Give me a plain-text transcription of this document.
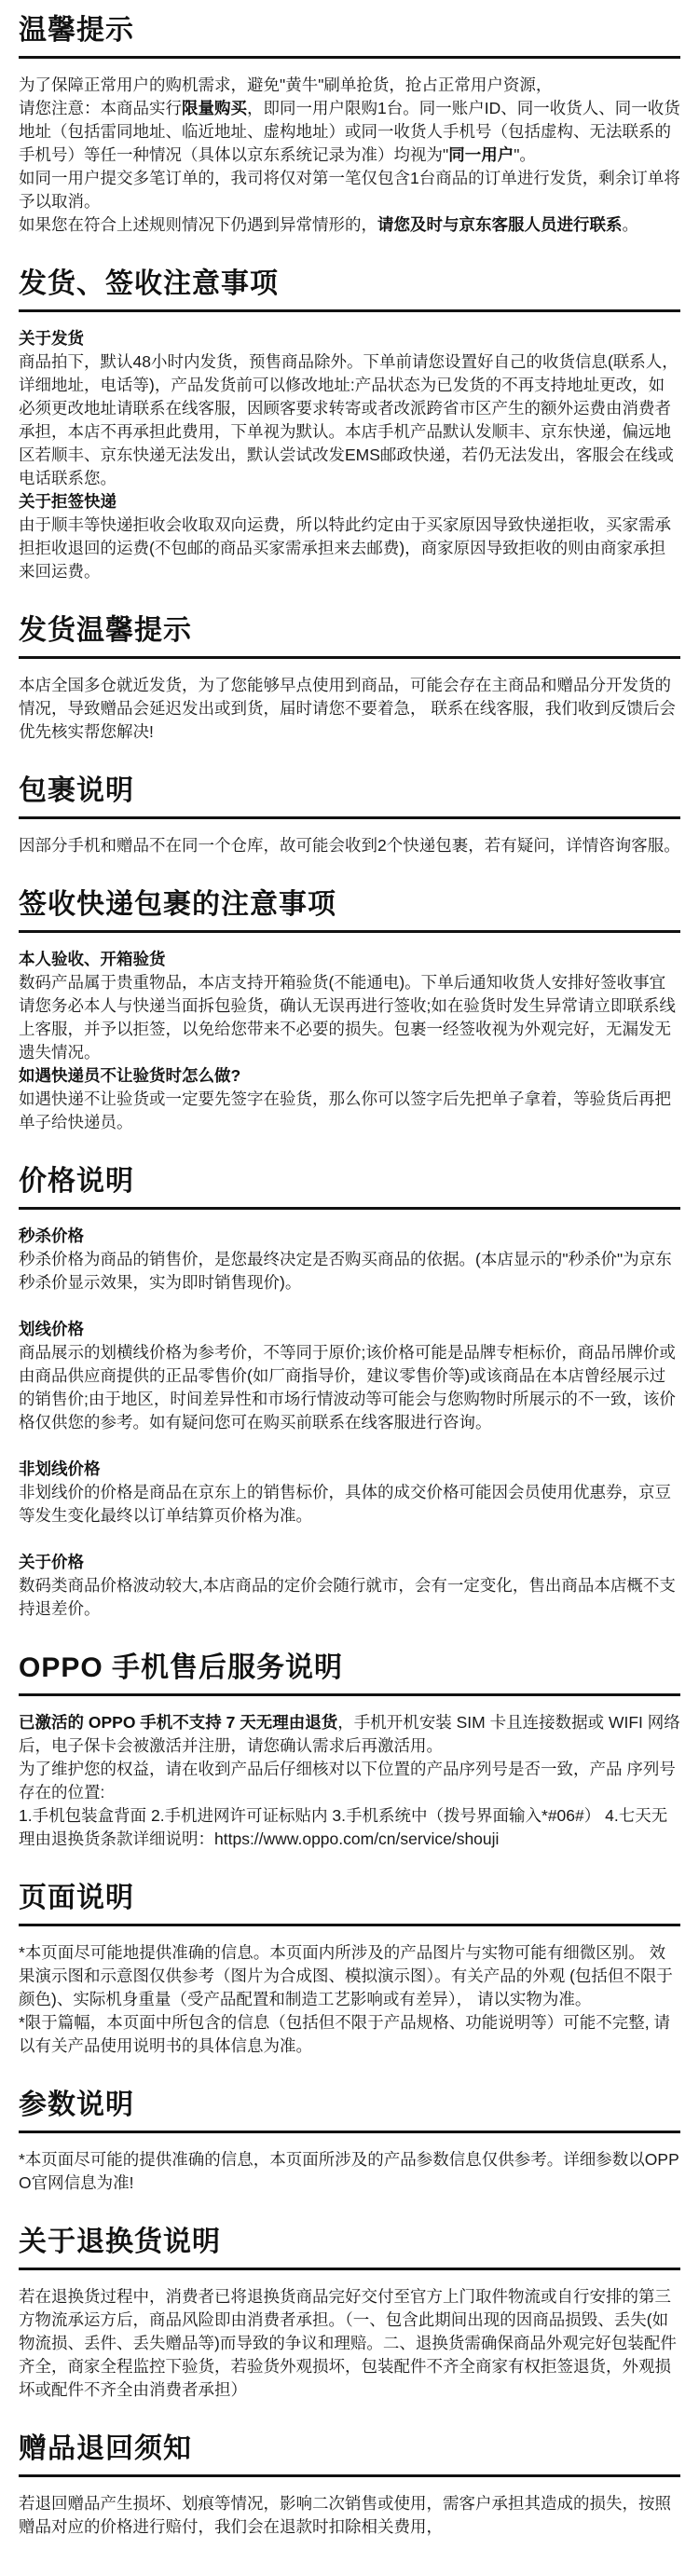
温馨提示

为了保障正常用户的购机需求，避免"黄牛"刷单抢货，抢占正常用户资源，

请您注意：本商品实行限量购买，即同一用户限购1台。同一账户ID、同一收货人、同一收货地址（包括雷同地址、临近地址、虚构地址）或同一收货人手机号（包括虚构、无法联系的手机号）等任一种情况（具体以京东系统记录为准）均视为"同一用户"。

如同一用户提交多笔订单的，我司将仅对第一笔仅包含1台商品的订单进行发货，剩余订单将予以取消。

如果您在符合上述规则情况下仍遇到异常情形的，请您及时与京东客服人员进行联系。

发货、签收注意事项

关于发货

商品拍下，默认48小时内发货，预售商品除外。下单前请您设置好自己的收货信息(联系人，详细地址，电话等)，产品发货前可以修改地址:产品状态为已发货的不再支持地址更改，如必须更改地址请联系在线客服，因顾客要求转寄或者改派跨省市区产生的额外运费由消费者承担，本店不再承担此费用，下单视为默认。本店手机产品默认发顺丰、京东快递，偏远地区若顺丰、京东快递无法发出，默认尝试改发EMS邮政快递，若仍无法发出，客服会在线或电话联系您。

关于拒签快递

由于顺丰等快递拒收会收取双向运费，所以特此约定由于买家原因导致快递拒收，买家需承担拒收退回的运费(不包邮的商品买家需承担来去邮费)，商家原因导致拒收的则由商家承担来回运费。

发货温馨提示

本店全国多仓就近发货，为了您能够早点使用到商品，可能会存在主商品和赠品分开发货的情况，导致赠品会延迟发出或到货，届时请您不要着急， 联系在线客服，我们收到反馈后会优先核实帮您解决!

包裹说明

因部分手机和赠品不在同一个仓库，故可能会收到2个快递包裹，若有疑问，详情咨询客服。

签收快递包裹的注意事项

本人验收、开箱验货

数码产品属于贵重物品，本店支持开箱验货(不能通电)。下单后通知收货人安排好签收事宜请您务必本人与快递当面拆包验货，确认无误再进行签收;如在验货时发生异常请立即联系线上客服，并予以拒签，以免给您带来不必要的损失。包裹一经签收视为外观完好，无漏发无遗失情况。

如遇快递员不让验货时怎么做?

如遇快递不让验货或一定要先签字在验货，那么你可以签字后先把单子拿着，等验货后再把单子给快递员。

价格说明

秒杀价格

秒杀价格为商品的销售价，是您最终决定是否购买商品的依据。(本店显示的"秒杀价"为京东秒杀价显示效果，实为即时销售现价)。

划线价格

商品展示的划横线价格为参考价，不等同于原价;该价格可能是品牌专柜标价，商品吊牌价或由商品供应商提供的正品零售价(如厂商指导价，建议零售价等)或该商品在本店曾经展示过的销售价;由于地区，时间差异性和市场行情波动等可能会与您购物时所展示的不一致，该价格仅供您的参考。如有疑问您可在购买前联系在线客服进行咨询。

非划线价格

非划线价的价格是商品在京东上的销售标价，具体的成交价格可能因会员使用优惠券，京豆等发生变化最终以订单结算页价格为准。

关于价格

数码类商品价格波动较大,本店商品的定价会随行就市，会有一定变化，售出商品本店概不支持退差价。

OPPO 手机售后服务说明

已激活的 OPPO 手机不支持 7 天无理由退货，手机开机安装 SIM 卡且连接数据或 WIFI 网络后，电子保卡会被激活并注册，请您确认需求后再激活用。

为了维护您的权益，请在收到产品后仔细核对以下位置的产品序列号是否一致，产品 序列号存在的位置:

1.手机包装盒背面 2.手机进网许可证标贴内 3.手机系统中（拨号界面输入*#06#） 4.七天无理由退换货条款详细说明：https://www.oppo.com/cn/service/shouji

页面说明

*本页面尽可能地提供准确的信息。本页面内所涉及的产品图片与实物可能有细微区别。 效果演示图和示意图仅供参考（图片为合成图、模拟演示图）。有关产品的外观 (包括但不限于颜色)、实际机身重量（受产品配置和制造工艺影响或有差异）， 请以实物为准。

*限于篇幅，本页面中所包含的信息（包括但不限于产品规格、功能说明等）可能不完整, 请以有关产品使用说明书的具体信息为准。

参数说明

*本页面尽可能的提供准确的信息，本页面所涉及的产品参数信息仅供参考。详细参数以OPPO官网信息为准!

关于退换货说明

若在退换货过程中，消费者已将退换货商品完好交付至官方上门取件物流或自行安排的第三方物流承运方后，商品风险即由消费者承担。（一、包含此期间出现的因商品损毁、丢失(如物流损、丢件、丢失赠品等)而导致的争议和理赔。二、退换货需确保商品外观完好包装配件齐全，商家全程监控下验货，若验货外观损坏，包装配件不齐全商家有权拒签退货，外观损坏或配件不齐全由消费者承担）

赠品退回须知

若退回赠品产生损坏、划痕等情况，影响二次销售或使用，需客户承担其造成的损失，按照赠品对应的价格进行赔付，我们会在退款时扣除相关费用，
